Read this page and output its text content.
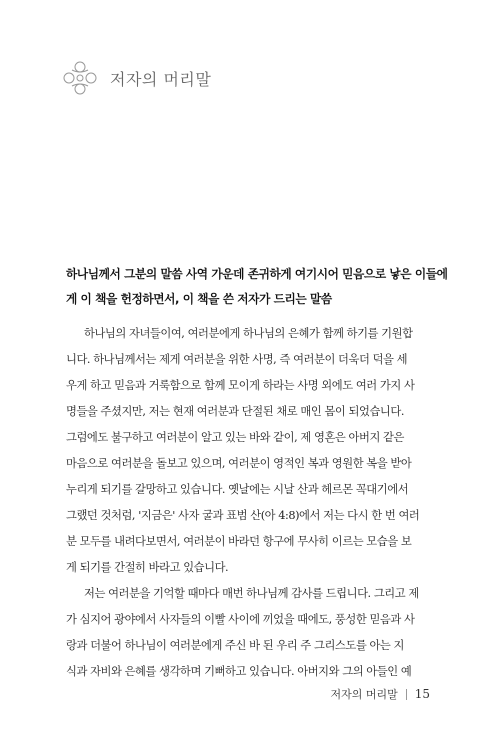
저자의 머리말

하나님께서 그분의 말씀 사역 가운데 존귀하게 여기시어 믿음으로 낳은 이들에

게 이 책을 헌정하면서, 이 책을 쓴 저자가 드리는 말씀

하나님의 자녀들이여, 여러분에게 하나님의 은혜가 함께 하기를 기원합
니다. 하나님께서는 제게 여러분을 위한 사명, 즉 여러분이 더욱더 덕을 세
우게 하고 믿음과 거룩함으로 함께 모이게 하라는 사명 외에도 여러 가지 사
명들을 주셨지만, 저는 현재 여러분과 단절된 채로 매인 몸이 되었습니다.
그럼에도 불구하고 여러분이 알고 있는 바와 같이, 제 영혼은 아버지 같은
마음으로 여러분을 돌보고 있으며, 여러분이 영적인 복과 영원한 복을 받아
누리게 되기를 갈망하고 있습니다. 옛날에는 시날 산과 헤르몬 꼭대기에서
그랬던 것처럼, '지금은' 사자 굴과 표범 산(아 4:8)에서 저는 다시 한 번 여러
분 모두를 내려다보면서, 여러분이 바라던 항구에 무사히 이르는 모습을 보
게 되기를 간절히 바라고 있습니다.
저는 여러분을 기억할 때마다 매번 하나님께 감사를 드립니다. 그리고 제
가 심지어 광야에서 사자들의 이빨 사이에 끼었을 때에도, 풍성한 믿음과 사
랑과 더불어 하나님이 여러분에게 주신 바 된 우리 주 그리스도를 아는 지
식과 자비와 은혜를 생각하며 기뻐하고 있습니다. 아버지와 그의 아들인 예
저자의 머리말 15
